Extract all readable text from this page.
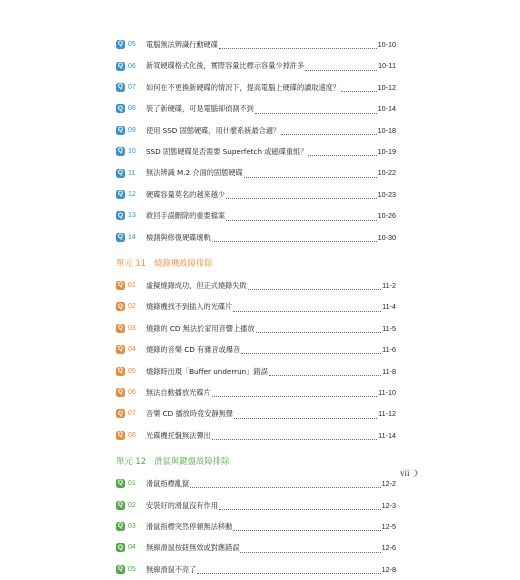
Q 05	電腦無法辨識行動硬碟	10-10
Q 06	新買硬碟格式化後，實際容量比標示容量少掉許多	10-11
Q 07	如何在不更換新硬碟的情況下，提高電腦上硬碟的讀取速度？	10-12
Q 08	裝了新硬碟，可是電腦卻偵測不到	10-14
Q 09	使用 SSD 固態硬碟，用什麼系統最合適？	10-18
Q 10	SSD 固態硬碟是否需要 Superfetch 或磁碟重組？	10-19
Q 11	無法辨識 M.2 介面的固態硬碟	10-22
Q 12	硬碟容量莫名的越來越少	10-23
Q 13	救回手誤刪除的重要檔案	10-26
Q 14	檢測與修復硬碟壞軌	10-30
單元 11 燒錄機故障排除
Q 01	虛擬燒錄成功，但正式燒錄失敗	11-2
Q 02	燒錄機找不到插入的光碟片	11-4
Q 03	燒錄的 CD 無法於家用音響上播放	11-5
Q 04	燒錄的音樂 CD 有雜音或爆音	11-6
Q 05	燒錄時出現「Buffer underrun」錯誤	11-8
Q 06	無法自動播放光碟片	11-10
Q 07	音樂 CD 播放時竟安靜無聲	11-12
Q 08	光碟機托盤無法彈出	11-14
單元 12 滑鼠與鍵盤故障排除
Q 01	滑鼠指標亂竄	12-2
Q 02	安裝好的滑鼠沒有作用	12-3
Q 03	滑鼠指標突然停頓無法移動	12-5
Q 04	無線滑鼠按鈕無效或對應錯誤	12-6
Q 05	無線滑鼠不亮了	12-8
vii
